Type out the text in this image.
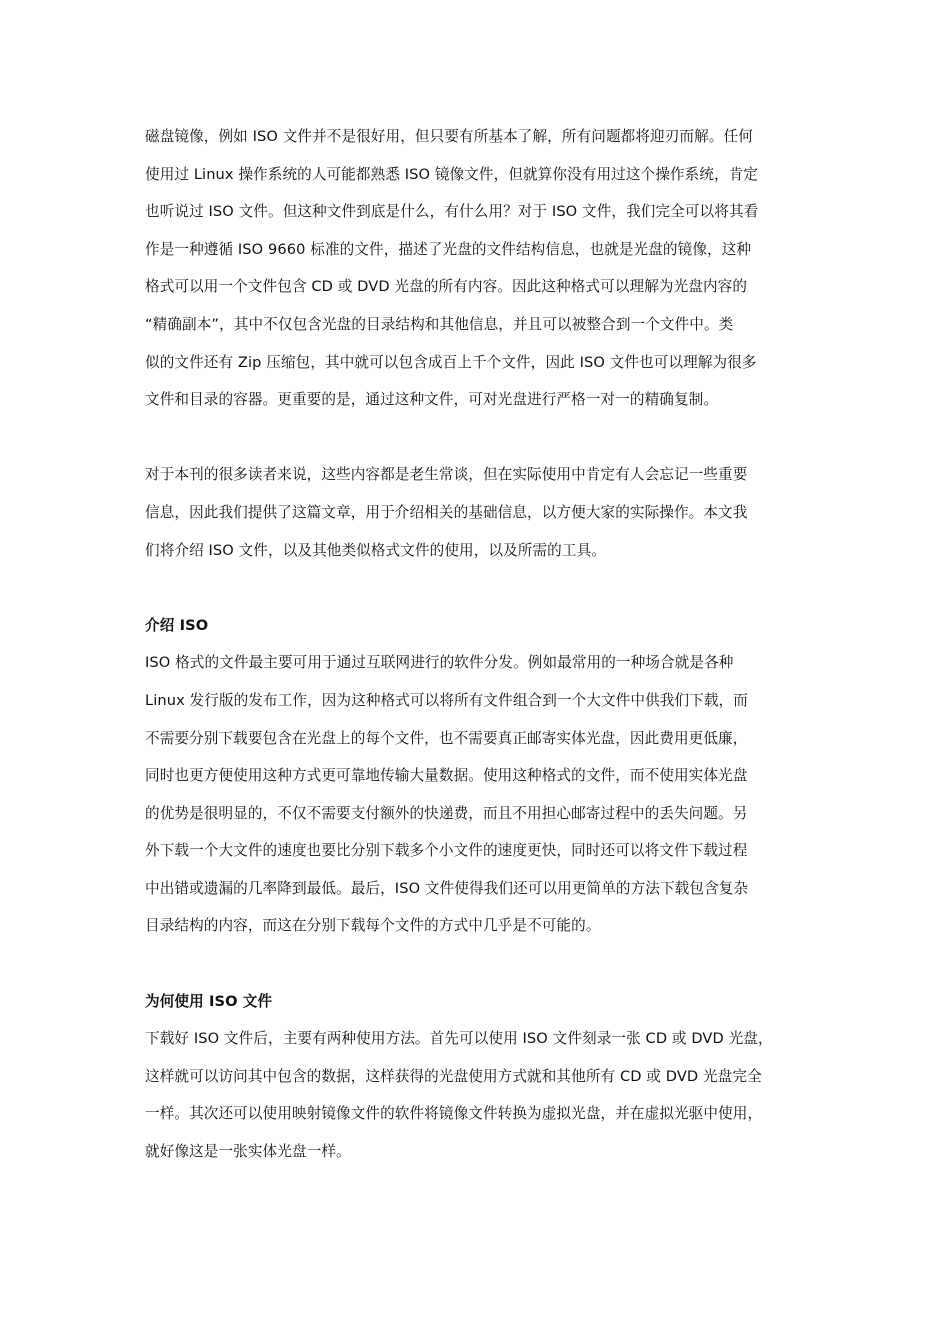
磁盘镜像，例如 ISO 文件并不是很好用，但只要有所基本了解，所有问题都将迎刃而解。任何
使用过 Linux 操作系统的人可能都熟悉 ISO 镜像文件，但就算你没有用过这个操作系统，肯定
也听说过 ISO 文件。但这种文件到底是什么，有什么用？对于 ISO 文件，我们完全可以将其看
作是一种遵循 ISO 9660 标准的文件，描述了光盘的文件结构信息，也就是光盘的镜像，这种
格式可以用一个文件包含 CD 或 DVD 光盘的所有内容。因此这种格式可以理解为光盘内容的
“精确副本”，其中不仅包含光盘的目录结构和其他信息，并且可以被整合到一个文件中。类
似的文件还有 Zip 压缩包，其中就可以包含成百上千个文件，因此 ISO 文件也可以理解为很多
文件和目录的容器。更重要的是，通过这种文件，可对光盘进行严格一对一的精确复制。
对于本刊的很多读者来说，这些内容都是老生常谈，但在实际使用中肯定有人会忘记一些重要
信息，因此我们提供了这篇文章，用于介绍相关的基础信息，以方便大家的实际操作。本文我
们将介绍 ISO 文件，以及其他类似格式文件的使用，以及所需的工具。
介绍 ISO
ISO 格式的文件最主要可用于通过互联网进行的软件分发。例如最常用的一种场合就是各种
Linux 发行版的发布工作，因为这种格式可以将所有文件组合到一个大文件中供我们下载，而
不需要分别下载要包含在光盘上的每个文件，也不需要真正邮寄实体光盘，因此费用更低廉，
同时也更方便使用这种方式更可靠地传输大量数据。使用这种格式的文件，而不使用实体光盘
的优势是很明显的，不仅不需要支付额外的快递费，而且不用担心邮寄过程中的丢失问题。另
外下载一个大文件的速度也要比分别下载多个小文件的速度更快，同时还可以将文件下载过程
中出错或遗漏的几率降到最低。最后，ISO 文件使得我们还可以用更简单的方法下载包含复杂
目录结构的内容，而这在分别下载每个文件的方式中几乎是不可能的。
为何使用 ISO 文件
下载好 ISO 文件后，主要有两种使用方法。首先可以使用 ISO 文件刻录一张 CD 或 DVD 光盘，
这样就可以访问其中包含的数据，这样获得的光盘使用方式就和其他所有 CD 或 DVD 光盘完全
一样。其次还可以使用映射镜像文件的软件将镜像文件转换为虚拟光盘，并在虚拟光驱中使用，
就好像这是一张实体光盘一样。
